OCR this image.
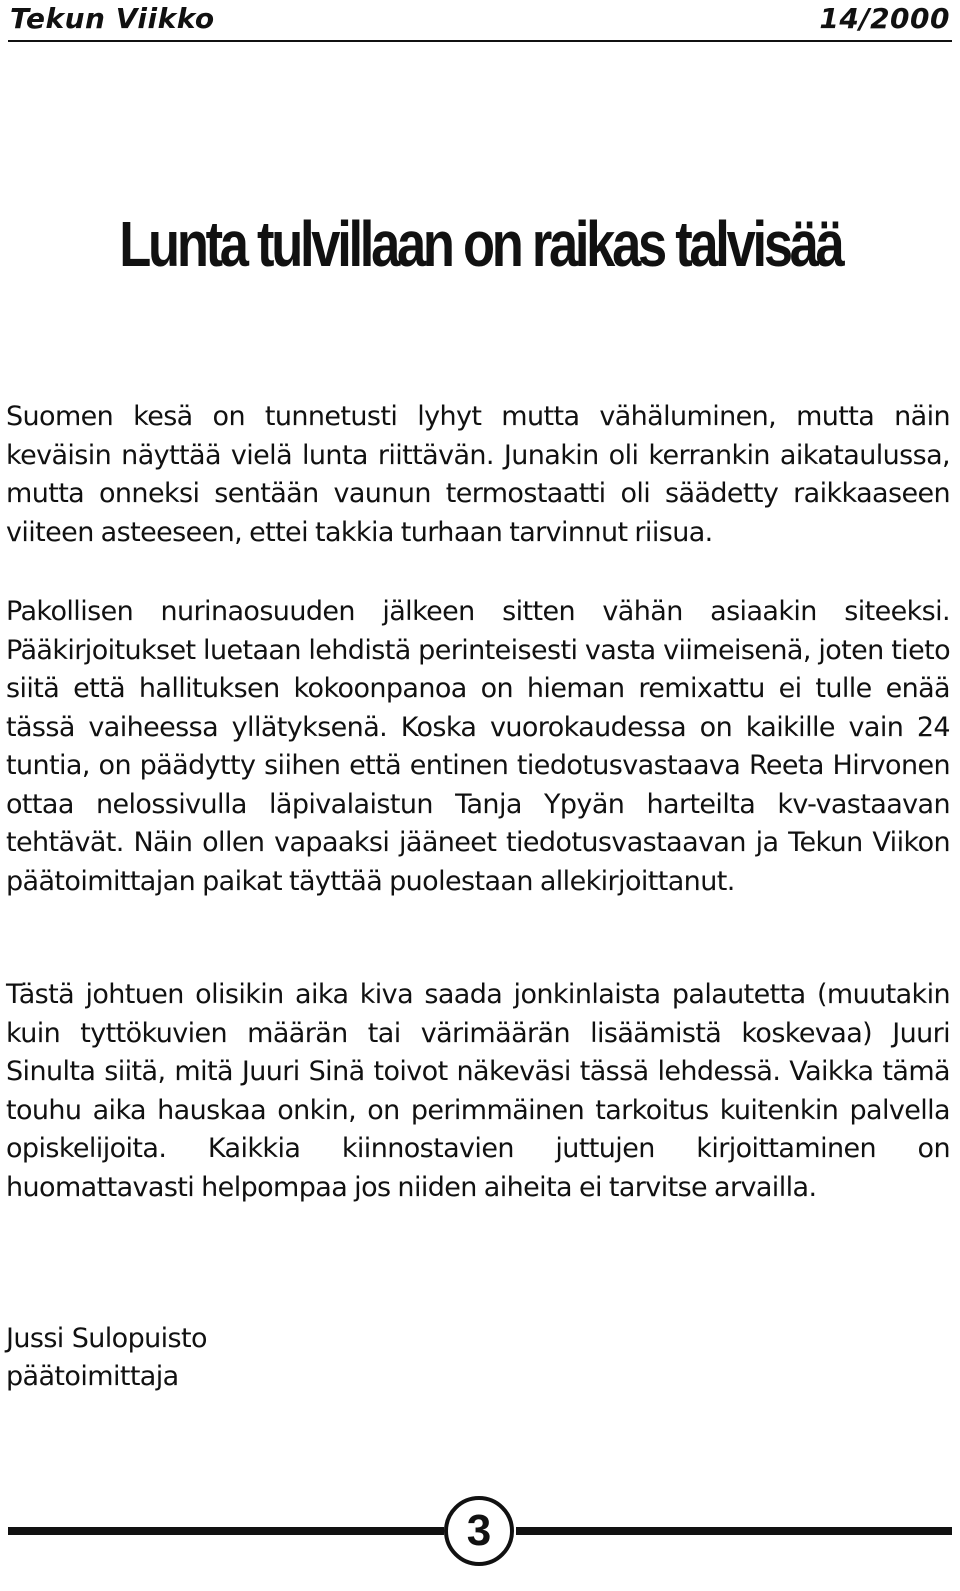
Tekun Viikko	14/2000
Lunta tulvillaan on raikas talvisää

Suomen kesä on tunnetusti lyhyt mutta vähäluminen, mutta näin keväisin näyttää vielä lunta riittävän. Junakin oli kerrankin aikataulussa, mutta onneksi sentään vaunun termostaatti oli säädetty raikkaaseen viiteen asteeseen, ettei takkia turhaan tarvinnut riisua.

Pakollisen nurinaosuuden jälkeen sitten vähän asiaakin siteeksi. Pääkirjoitukset luetaan lehdistä perinteisesti vasta viimeisenä, joten tieto siitä että hallituksen kokoonpanoa on hieman remixattu ei tulle enää tässä vaiheessa yllätyksenä. Koska vuorokaudessa on kaikille vain 24 tuntia, on päädytty siihen että entinen tiedotusvastaava Reeta Hirvonen ottaa nelossivulla läpivalaistun Tanja Ypyän harteilta kv-vastaavan tehtävät. Näin ollen vapaaksi jääneet tiedotusvastaavan ja Tekun Viikon päätoimittajan paikat täyttää puolestaan allekirjoittanut.

Tästä johtuen olisikin aika kiva saada jonkinlaista palautetta (muutakin kuin tyttökuvien määrän tai värimäärän lisäämistä koskevaa) Juuri Sinulta siitä, mitä Juuri Sinä toivot näkeväsi tässä lehdessä. Vaikka tämä touhu aika hauskaa onkin, on perimmäinen tarkoitus kuitenkin palvella opiskelijoita. Kaikkia kiinnostavien juttujen kirjoittaminen on huomattavasti helpompaa jos niiden aiheita ei tarvitse arvailla.

Jussi Sulopuisto
päätoimittaja
3
